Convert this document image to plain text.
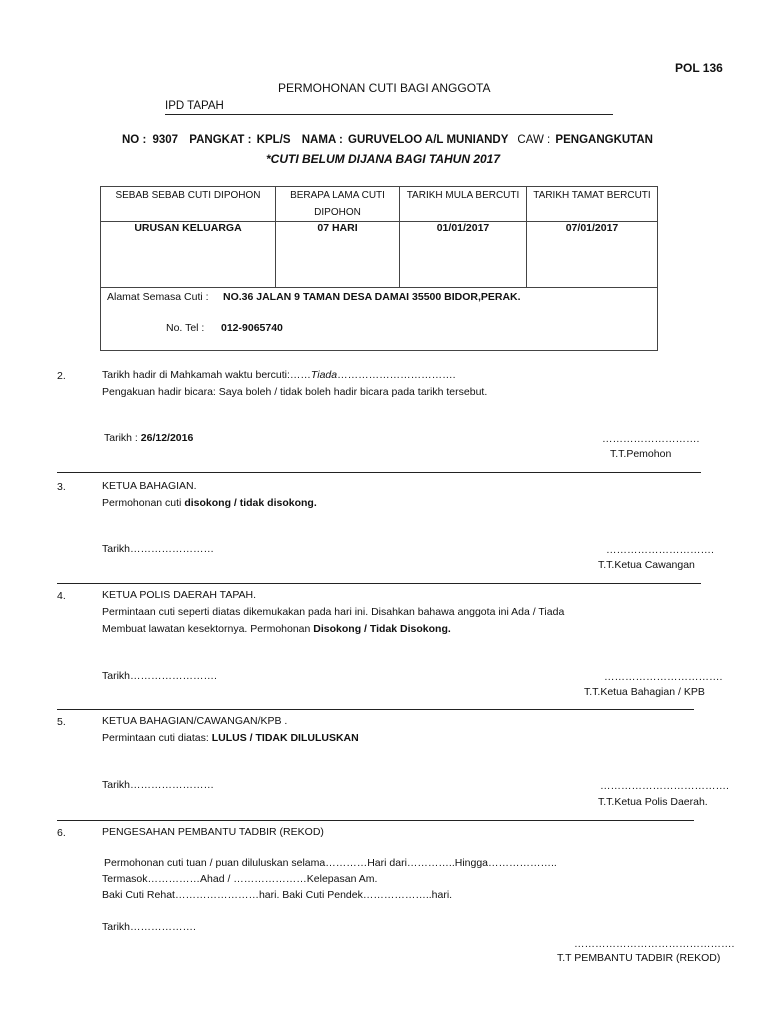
POL 136
PERMOHONAN CUTI BAGI ANGGOTA
IPD TAPAH
NO : 9307 PANGKAT : KPL/S NAMA : GURUVELOO A/L MUNIANDY CAW : PENGANGKUTAN
*CUTI BELUM DIJANA BAGI TAHUN 2017
SEBAB SEBAB CUTI DIPOHON	BERAPA LAMA CUTI DIPOHON	TARIKH MULA BERCUTI	TARIKH TAMAT BERCUTI
URUSAN KELUARGA	07 HARI	01/01/2017	07/01/2017

Alamat Semasa Cuti : NO.36 JALAN 9 TAMAN DESA DAMAI 35500 BIDOR,PERAK.
No. Tel : 012-9065740			
2.	Tarikh hadir di Mahkamah waktu bercuti:……Tiada…………………………….
Pengakuan hadir bicara: Saya boleh / tidak boleh hadir bicara pada tarikh tersebut.
Tarikh : 26/12/2016	……………………….
T.T.Pemohon
3.	KETUA BAHAGIAN.
Permohonan cuti disokong / tidak disokong.
Tarikh……………………	………………………….
T.T.Ketua Cawangan
4.	KETUA POLIS DAERAH TAPAH.
Permintaan cuti seperti diatas dikemukakan pada hari ini. Disahkan bahawa anggota ini Ada / Tiada
Membuat lawatan kesektornya. Permohonan Disokong / Tidak Disokong.
Tarikh…………………….	…………………………….
T.T.Ketua Bahagian / KPB
5.	KETUA BAHAGIAN/CAWANGAN/KPB .
Permintaan cuti diatas: LULUS / TIDAK DILULUSKAN
Tarikh……………………	……………………………….
T.T.Ketua Polis Daerah.
6.	PENGESAHAN PEMBANTU TADBIR (REKOD)
Permohonan cuti tuan / puan diluluskan selama…………Hari dari…………..Hingga………………..
Termasok……………Ahad / …………………Kelepasan Am.
Baki Cuti Rehat……………………hari. Baki Cuti Pendek………………..hari.
Tarikh……………….
……………………………………….
T.T PEMBANTU TADBIR (REKOD)
